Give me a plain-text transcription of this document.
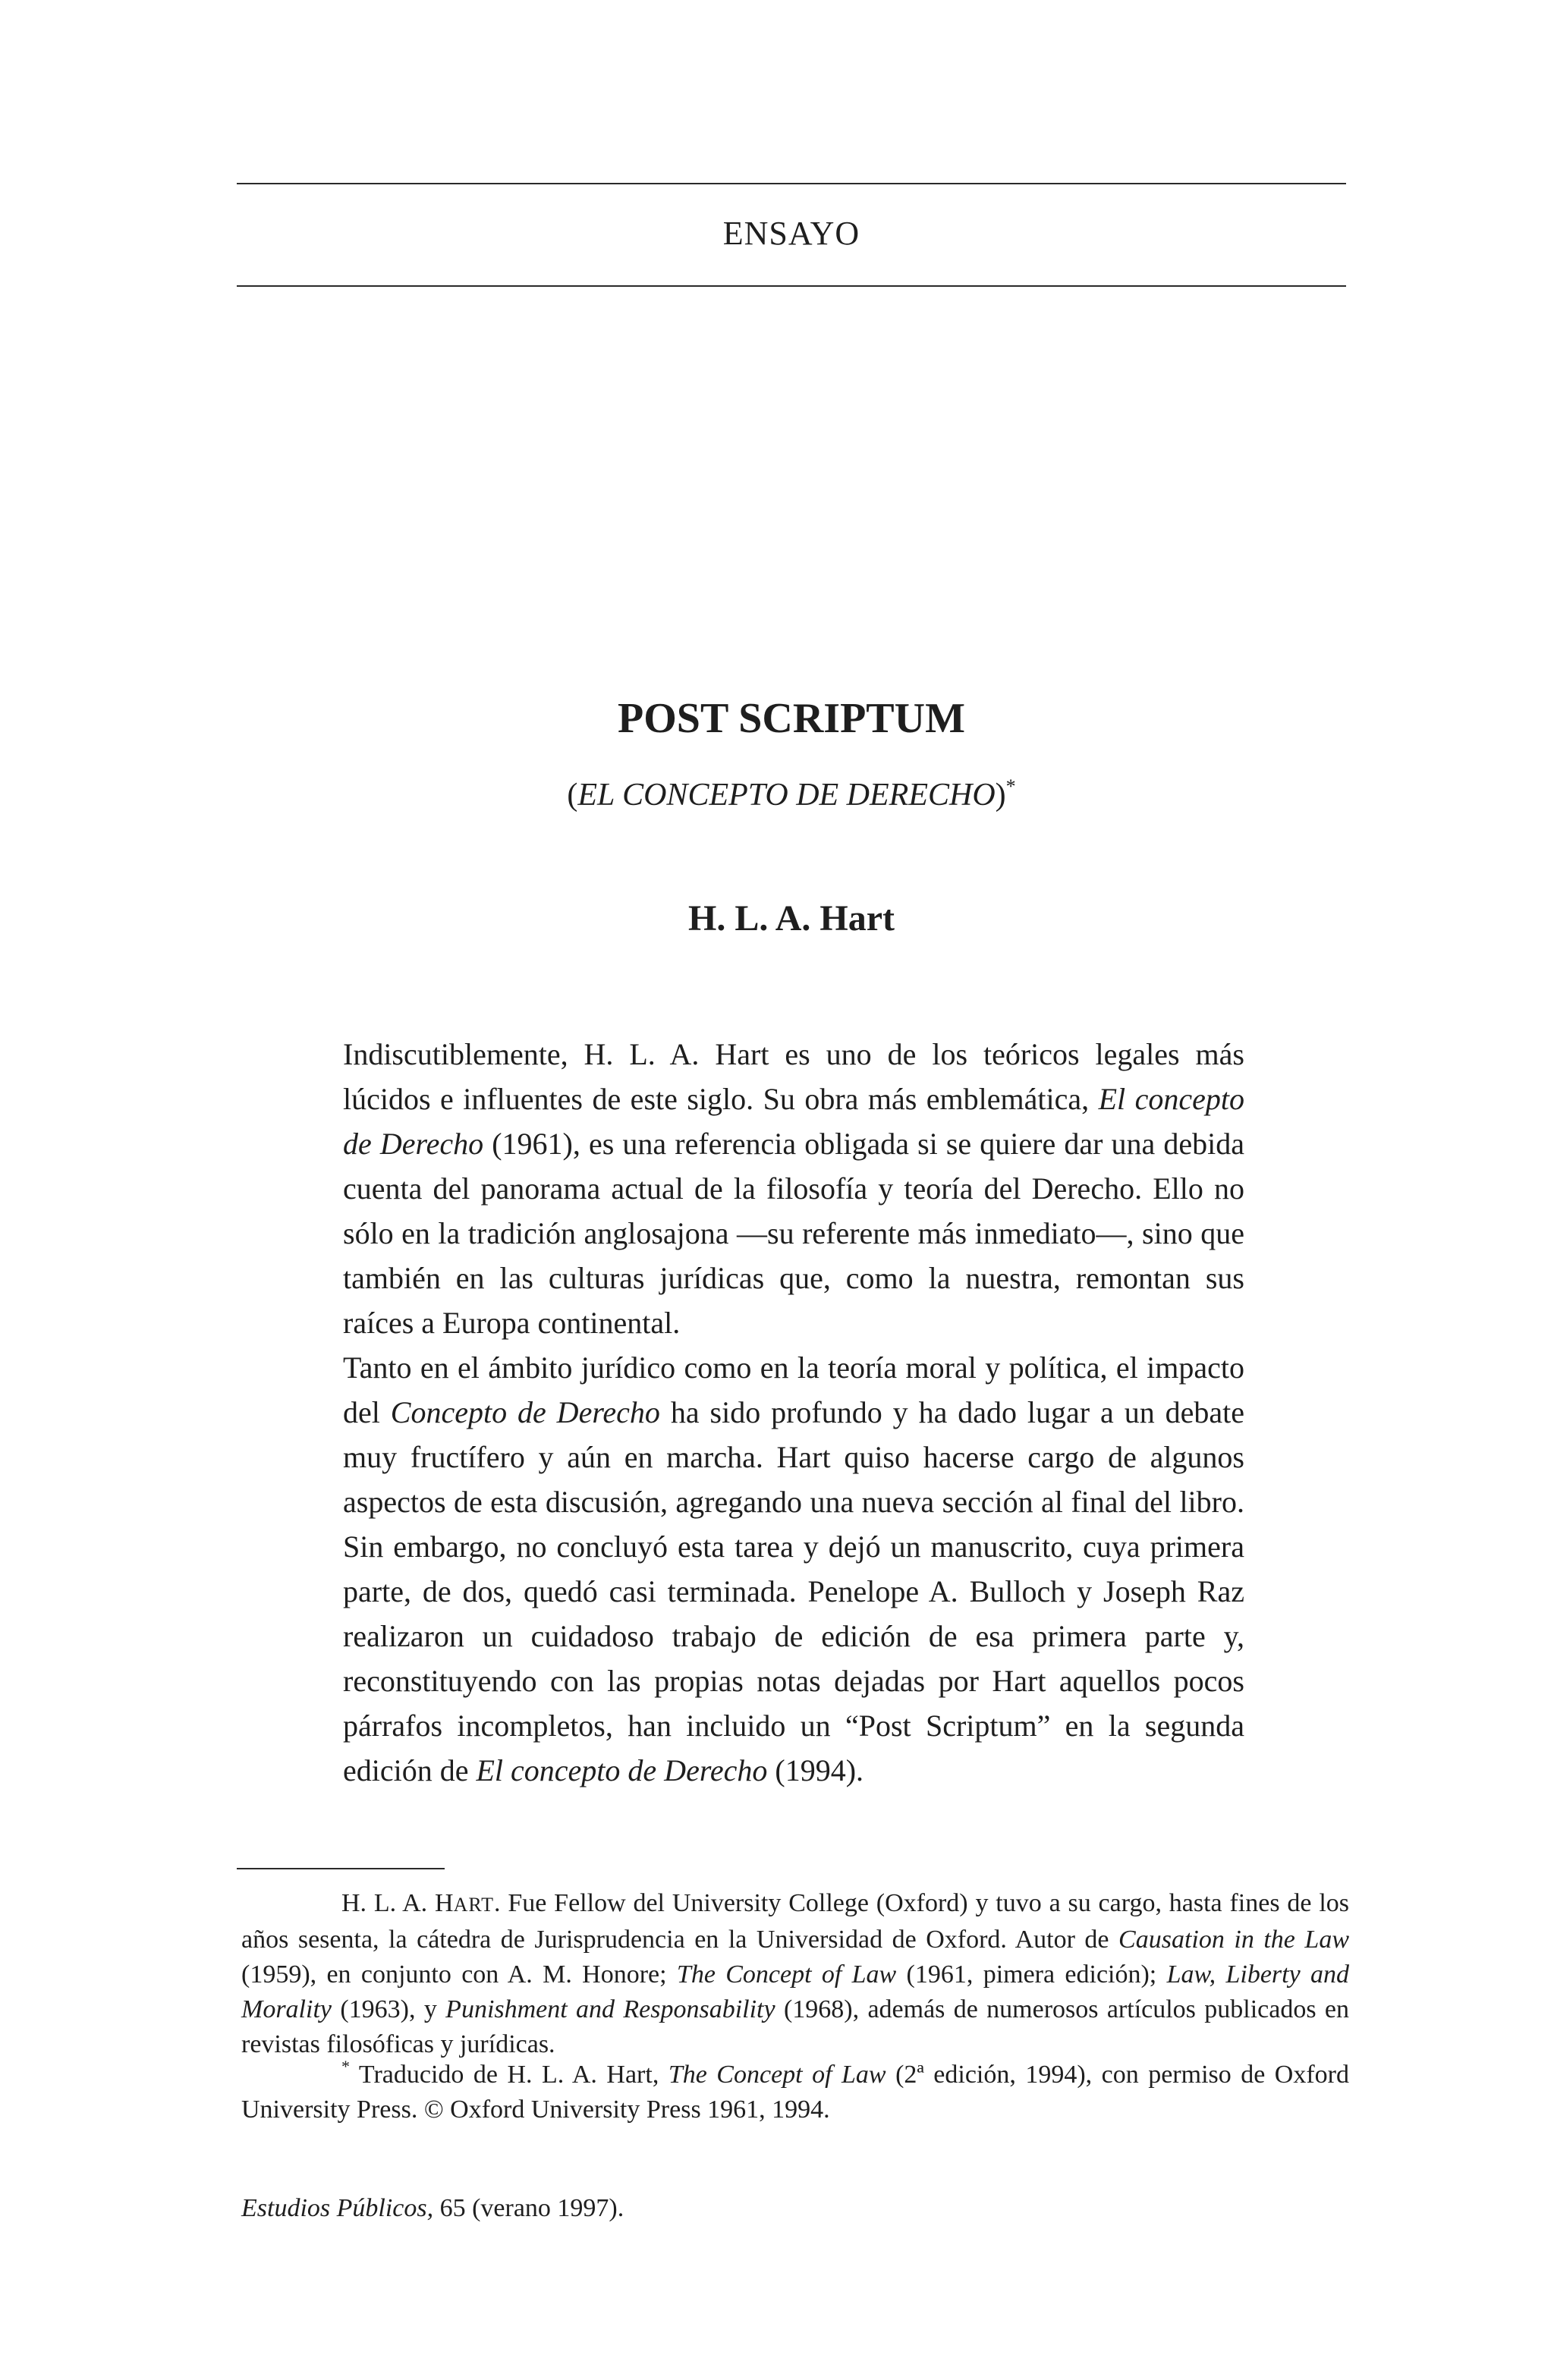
ENSAYO
POST SCRIPTUM
(EL CONCEPTO DE DERECHO)*
H. L. A. Hart

Indiscutiblemente, H. L. A. Hart es uno de los teóricos legales más lúcidos e influentes de este siglo. Su obra más emblemática, El concepto de Derecho (1961), es una referencia obligada si se quiere dar una debida cuenta del panorama actual de la filosofía y teoría del Derecho. Ello no sólo en la tradición anglosajona —su referente más inmediato—, sino que también en las culturas jurídicas que, como la nuestra, remontan sus raíces a Europa continental.

Tanto en el ámbito jurídico como en la teoría moral y política, el impacto del Concepto de Derecho ha sido profundo y ha dado lugar a un debate muy fructífero y aún en marcha. Hart quiso hacerse cargo de algunos aspectos de esta discusión, agregando una nueva sección al final del libro. Sin embargo, no concluyó esta tarea y dejó un manuscrito, cuya primera parte, de dos, quedó casi terminada. Penelope A. Bulloch y Joseph Raz realizaron un cuidadoso trabajo de edición de esa primera parte y, reconstituyendo con las propias notas dejadas por Hart aquellos pocos párrafos incompletos, han incluido un “Post Scriptum” en la segunda edición de El concepto de Derecho (1994).

H. L. A. HART. Fue Fellow del University College (Oxford) y tuvo a su cargo, hasta fines de los años sesenta, la cátedra de Jurisprudencia en la Universidad de Oxford. Autor de Causation in the Law (1959), en conjunto con A. M. Honore; The Concept of Law (1961, pimera edición); Law, Liberty and Morality (1963), y Punishment and Responsability (1968), además de numerosos artículos publicados en revistas filosóficas y jurídicas.

* Traducido de H. L. A. Hart, The Concept of Law (2ª edición, 1994), con permiso de Oxford University Press. © Oxford University Press 1961, 1994.

Estudios Públicos, 65 (verano 1997).
